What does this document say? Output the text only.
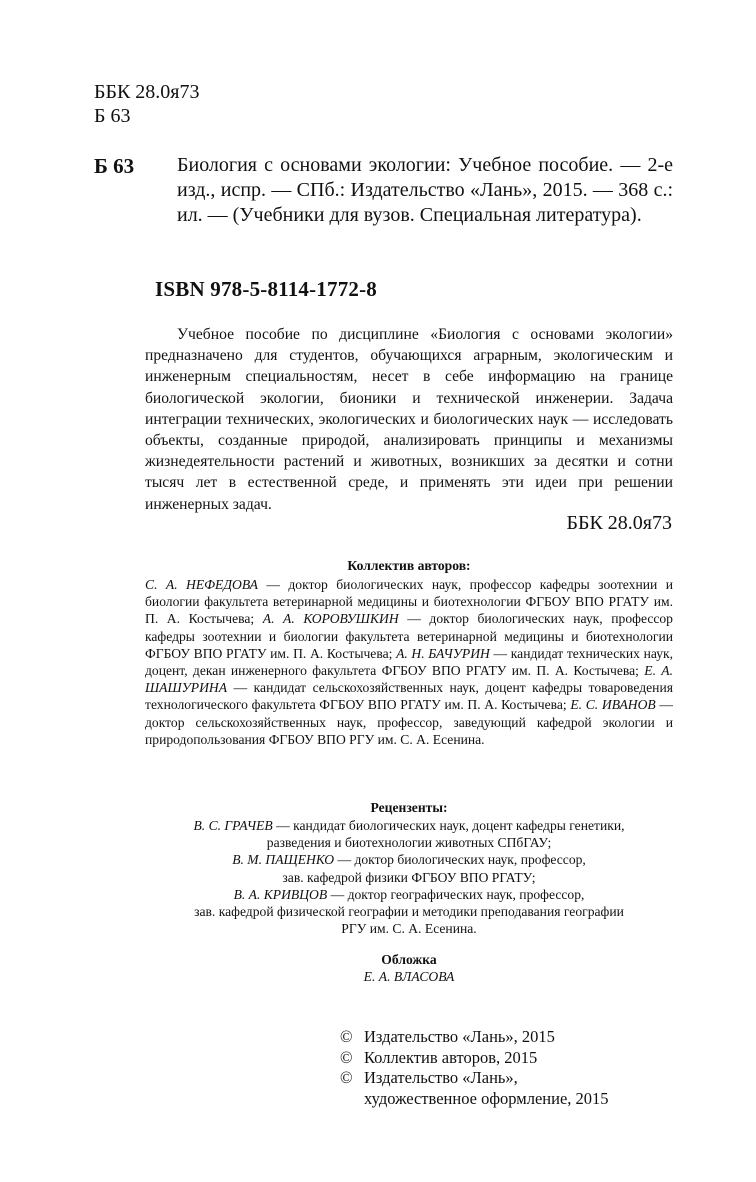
ББК 28.0я73
Б 63
Б 63 Биология с основами экологии: Учебное пособие. — 2-е изд., испр. — СПб.: Издательство «Лань», 2015. — 368 с.: ил. — (Учебники для вузов. Специальная литература).
ISBN 978-5-8114-1772-8
Учебное пособие по дисциплине «Биология с основами экологии» предназначено для студентов, обучающихся аграрным, экологическим и инженерным специальностям, несет в себе информацию на границе биологической экологии, бионики и технической инженерии. Задача интеграции технических, экологических и биологических наук — исследовать объекты, созданные природой, анализировать принципы и механизмы жизнедеятельности растений и животных, возникших за десятки и сотни тысяч лет в естественной среде, и применять эти идеи при решении инженерных задач.
ББК 28.0я73
Коллектив авторов:
С. А. НЕФЕДОВА — доктор биологических наук, профессор кафедры зоотехнии и биологии факультета ветеринарной медицины и биотехнологии ФГБОУ ВПО РГАТУ им. П. А. Костычева; А. А. КОРОВУШКИН — доктор биологических наук, профессор кафедры зоотехнии и биологии факультета ветеринарной медицины и биотехнологии ФГБОУ ВПО РГАТУ им. П. А. Костычева; А. Н. БАЧУРИН — кандидат технических наук, доцент, декан инженерного факультета ФГБОУ ВПО РГАТУ им. П. А. Костычева; Е. А. ШАШУРИНА — кандидат сельскохозяйственных наук, доцент кафедры товароведения технологического факультета ФГБОУ ВПО РГАТУ им. П. А. Костычева; Е. С. ИВАНОВ — доктор сельскохозяйственных наук, профессор, заведующий кафедрой экологии и природопользования ФГБОУ ВПО РГУ им. С. А. Есенина.
Рецензенты:
В. С. ГРАЧЕВ — кандидат биологических наук, доцент кафедры генетики,
разведения и биотехнологии животных СПбГАУ;
В. М. ПАЩЕНКО — доктор биологических наук, профессор,
зав. кафедрой физики ФГБОУ ВПО РГАТУ;
В. А. КРИВЦОВ — доктор географических наук, профессор,
зав. кафедрой физической географии и методики преподавания географии
РГУ им. С. А. Есенина.
Обложка
Е. А. ВЛАСОВА
© Издательство «Лань», 2015
© Коллектив авторов, 2015
© Издательство «Лань»,
художественное оформление, 2015
